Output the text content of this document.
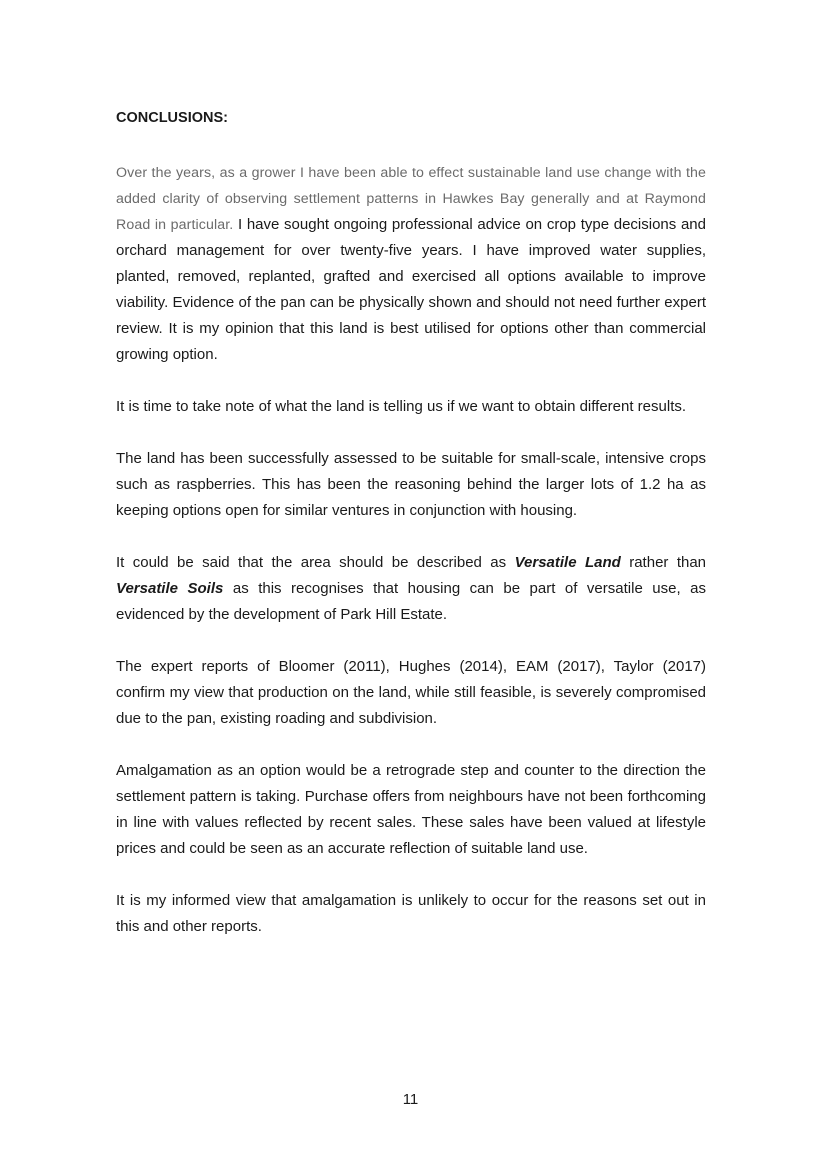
CONCLUSIONS:

Over the years, as a grower I have been able to effect sustainable land use change with the added clarity of observing settlement patterns in Hawkes Bay generally and at Raymond Road in particular. I have sought ongoing professional advice on crop type decisions and orchard management for over twenty-five years. I have improved water supplies, planted, removed, replanted, grafted and exercised all options available to improve viability. Evidence of the pan can be physically shown and should not need further expert review. It is my opinion that this land is best utilised for options other than commercial growing option.

It is time to take note of what the land is telling us if we want to obtain different results.

The land has been successfully assessed to be suitable for small-scale, intensive crops such as raspberries. This has been the reasoning behind the larger lots of 1.2 ha as keeping options open for similar ventures in conjunction with housing.

It could be said that the area should be described as Versatile Land rather than Versatile Soils as this recognises that housing can be part of versatile use, as evidenced by the development of Park Hill Estate.

The expert reports of Bloomer (2011), Hughes (2014), EAM (2017), Taylor (2017) confirm my view that production on the land, while still feasible, is severely compromised due to the pan, existing roading and subdivision.

Amalgamation as an option would be a retrograde step and counter to the direction the settlement pattern is taking. Purchase offers from neighbours have not been forthcoming in line with values reflected by recent sales. These sales have been valued at lifestyle prices and could be seen as an accurate reflection of suitable land use.

It is my informed view that amalgamation is unlikely to occur for the reasons set out in this and other reports.

11
